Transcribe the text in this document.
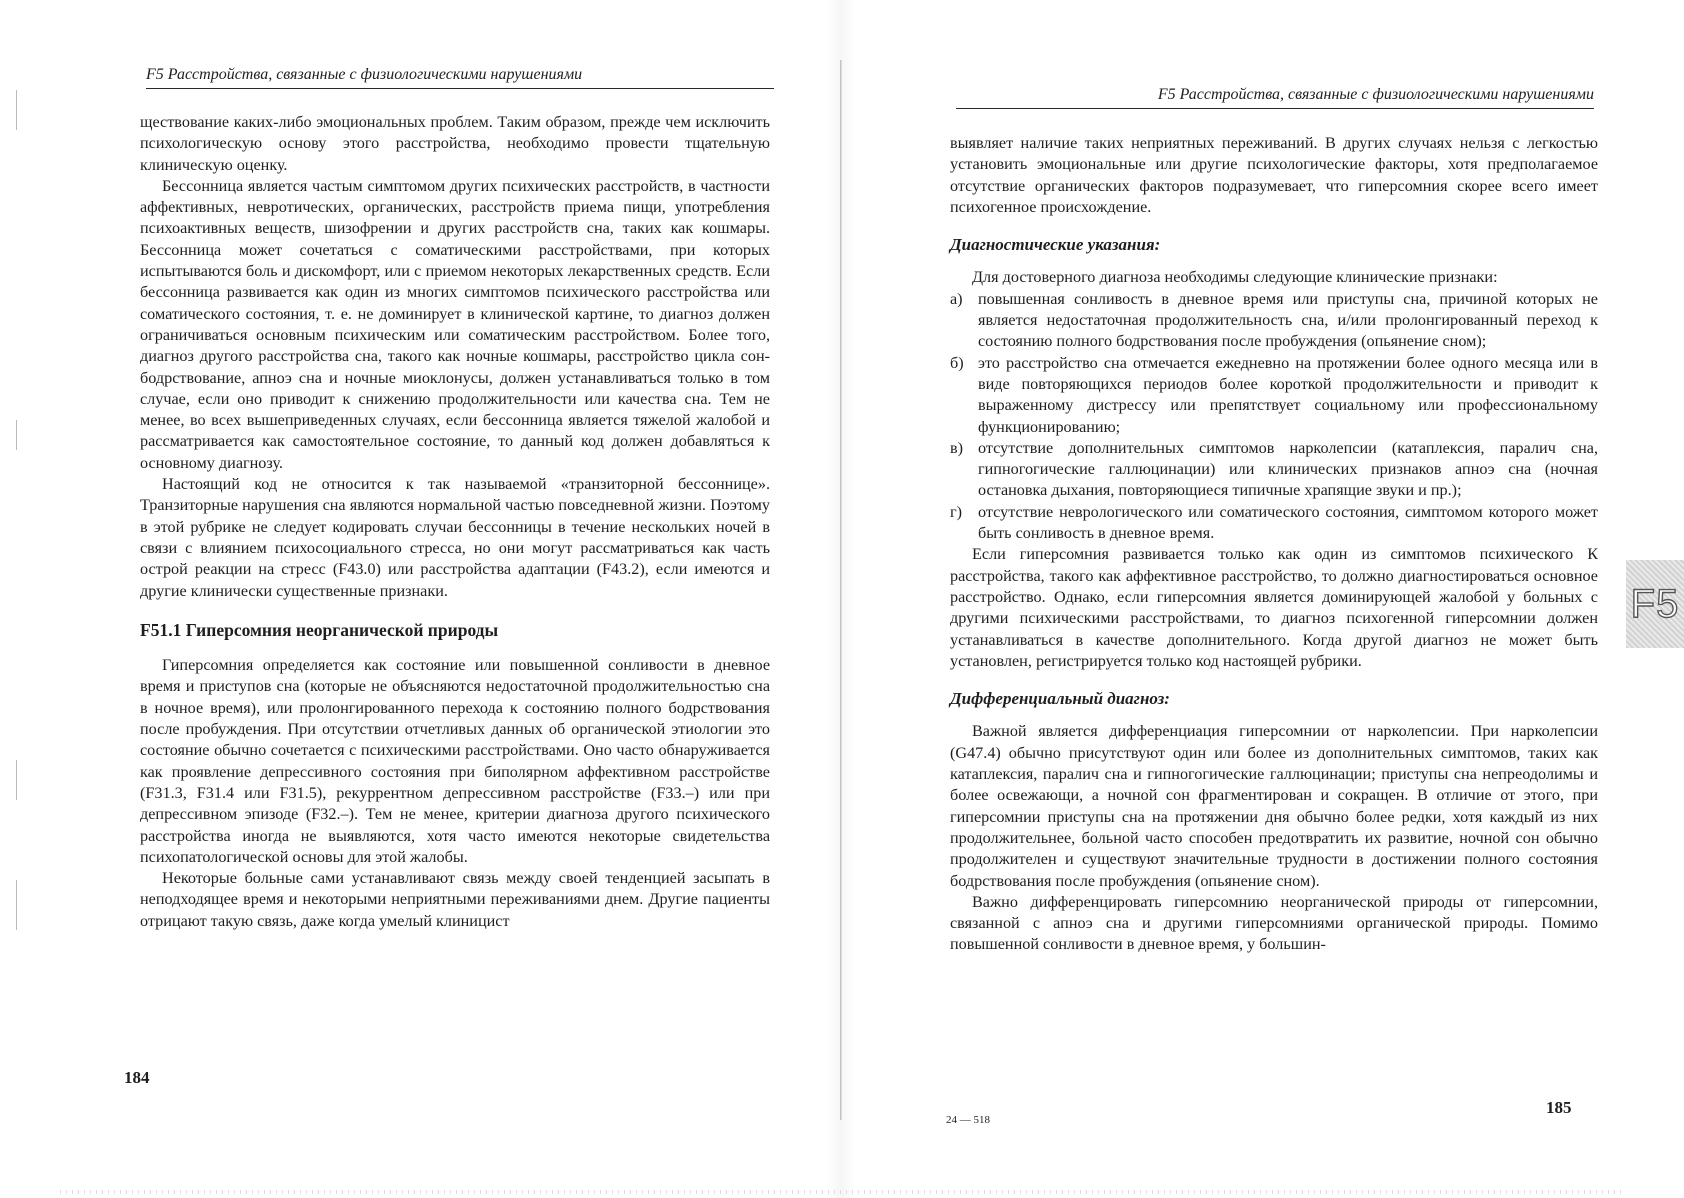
F5 Расстройства, связанные с физиологическими нарушениями

ществование каких-либо эмоциональных проблем. Таким образом, прежде чем исключить психологическую основу этого расстройства, необходимо провести тщательную клиническую оценку.

Бессонница является частым симптомом других психических расстройств, в частности аффективных, невротических, органических, расстройств приема пищи, употребления психоактивных веществ, шизофрении и других расстройств сна, таких как кошмары. Бессонница может сочетаться с соматическими расстройствами, при которых испытываются боль и дискомфорт, или с приемом некоторых лекарственных средств. Если бессонница развивается как один из многих симптомов психического расстройства или соматического состояния, т. е. не доминирует в клинической картине, то диагноз должен ограничиваться основным психическим или соматическим расстройством. Более того, диагноз другого расстройства сна, такого как ночные кошмары, расстройство цикла сон-бодрствование, апноэ сна и ночные миоклонусы, должен устанавливаться только в том случае, если оно приводит к снижению продолжительности или качества сна. Тем не менее, во всех вышеприведенных случаях, если бессонница является тяжелой жалобой и рассматривается как самостоятельное состояние, то данный код должен добавляться к основному диагнозу.

Настоящий код не относится к так называемой «транзиторной бессоннице». Транзиторные нарушения сна являются нормальной частью повседневной жизни. Поэтому в этой рубрике не следует кодировать случаи бессонницы в течение нескольких ночей в связи с влиянием психосоциального стресса, но они могут рассматриваться как часть острой реакции на стресс (F43.0) или расстройства адаптации (F43.2), если имеются и другие клинически существенные признаки.

F51.1 Гиперсомния неорганической природы

Гиперсомния определяется как состояние или повышенной сонливости в дневное время и приступов сна (которые не объясняются недостаточной продолжительностью сна в ночное время), или пролонгированного перехода к состоянию полного бодрствования после пробуждения. При отсутствии отчетливых данных об органической этиологии это состояние обычно сочетается с психическими расстройствами. Оно часто обнаруживается как проявление депрессивного состояния при биполярном аффективном расстройстве (F31.3, F31.4 или F31.5), рекуррентном депрессивном расстройстве (F33.–) или при депрессивном эпизоде (F32.–). Тем не менее, критерии диагноза другого психического расстройства иногда не выявляются, хотя часто имеются некоторые свидетельства психопатологической основы для этой жалобы.

Некоторые больные сами устанавливают связь между своей тенденцией засыпать в неподходящее время и некоторыми неприятными переживаниями днем. Другие пациенты отрицают такую связь, даже когда умелый клиницист

184
F5 Расстройства, связанные с физиологическими нарушениями

выявляет наличие таких неприятных переживаний. В других случаях нельзя с легкостью установить эмоциональные или другие психологические факторы, хотя предполагаемое отсутствие органических факторов подразумевает, что гиперсомния скорее всего имеет психогенное происхождение.

Диагностические указания:

Для достоверного диагноза необходимы следующие клинические признаки:

а) повышенная сонливость в дневное время или приступы сна, причиной которых не является недостаточная продолжительность сна, и/или пролонгированный переход к состоянию полного бодрствования после пробуждения (опьянение сном);
б) это расстройство сна отмечается ежедневно на протяжении более одного месяца или в виде повторяющихся периодов более короткой продолжительности и приводит к выраженному дистрессу или препятствует социальному или профессиональному функционированию;
в) отсутствие дополнительных симптомов нарколепсии (катаплексия, паралич сна, гипногогические галлюцинации) или клинических признаков апноэ сна (ночная остановка дыхания, повторяющиеся типичные храпящие звуки и пр.);
г) отсутствие неврологического или соматического состояния, симптомом которого может быть сонливость в дневное время.

Если гиперсомния развивается только как один из симптомов психического К расстройства, такого как аффективное расстройство, то должно диагностироваться основное расстройство. Однако, если гиперсомния является доминирующей жалобой у больных с другими психическими расстройствами, то диагноз психогенной гиперсомнии должен устанавливаться в качестве дополнительного. Когда другой диагноз не может быть установлен, регистрируется только код настоящей рубрики.

Дифференциальный диагноз:

Важной является дифференциация гиперсомнии от нарколепсии. При нарколепсии (G47.4) обычно присутствуют один или более из дополнительных симптомов, таких как катаплексия, паралич сна и гипногогические галлюцинации; приступы сна непреодолимы и более освежающи, а ночной сон фрагментирован и сокращен. В отличие от этого, при гиперсомнии приступы сна на протяжении дня обычно более редки, хотя каждый из них продолжительнее, больной часто способен предотвратить их развитие, ночной сон обычно продолжителен и существуют значительные трудности в достижении полного состояния бодрствования после пробуждения (опьянение сном).

Важно дифференцировать гиперсомнию неорганической природы от гиперсомнии, связанной с апноэ сна и другими гиперсомниями органической природы. Помимо повышенной сонливости в дневное время, у большин-

24 — 518
185
F5
